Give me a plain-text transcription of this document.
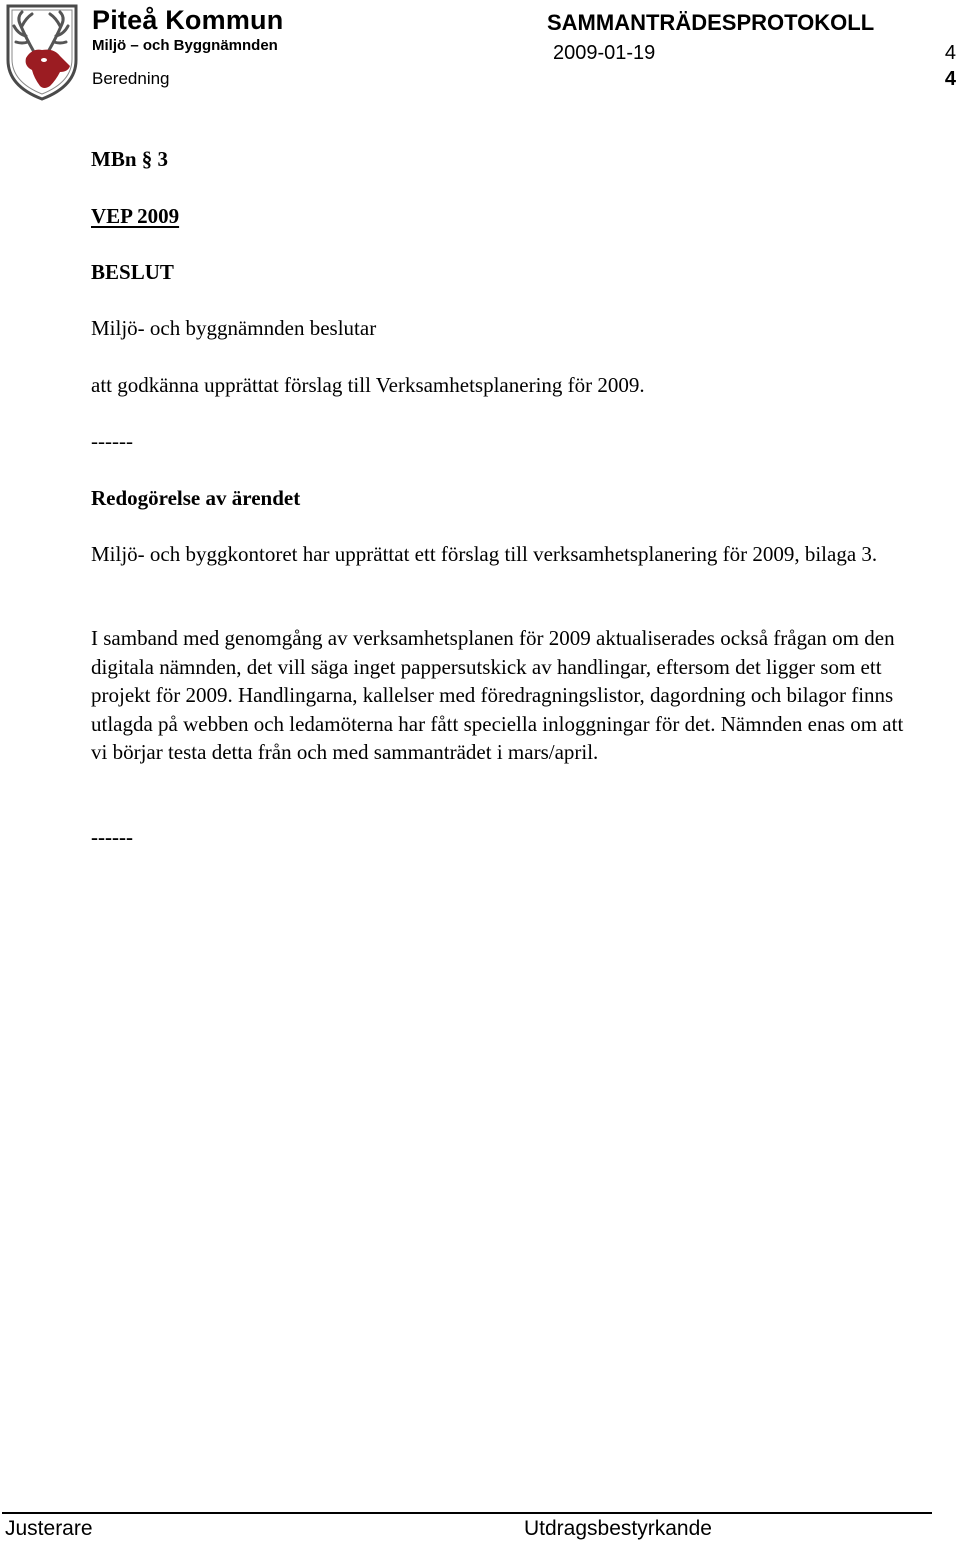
Piteå Kommun
Miljö – och Byggnämnden
SAMMANTRÄDESPROTOKOLL
2009-01-19	4
Beredning	4
MBn § 3
VEP 2009
BESLUT
Miljö- och byggnämnden beslutar
att godkänna upprättat förslag till Verksamhetsplanering för 2009.
------
Redogörelse av ärendet
Miljö- och byggkontoret har upprättat ett förslag till verksamhetsplanering för 2009, bilaga 3.
I samband med genomgång av verksamhetsplanen för 2009 aktualiserades också frågan om den digitala nämnden, det vill säga inget pappersutskick av handlingar, eftersom det ligger som ett projekt för 2009. Handlingarna, kallelser med föredragningslistor, dagordning och bilagor finns utlagda på webben och ledamöterna har fått speciella inloggningar för det. Nämnden enas om att vi börjar testa detta från och med sammanträdet i mars/april.
------
Justerare	Utdragsbestyrkande
